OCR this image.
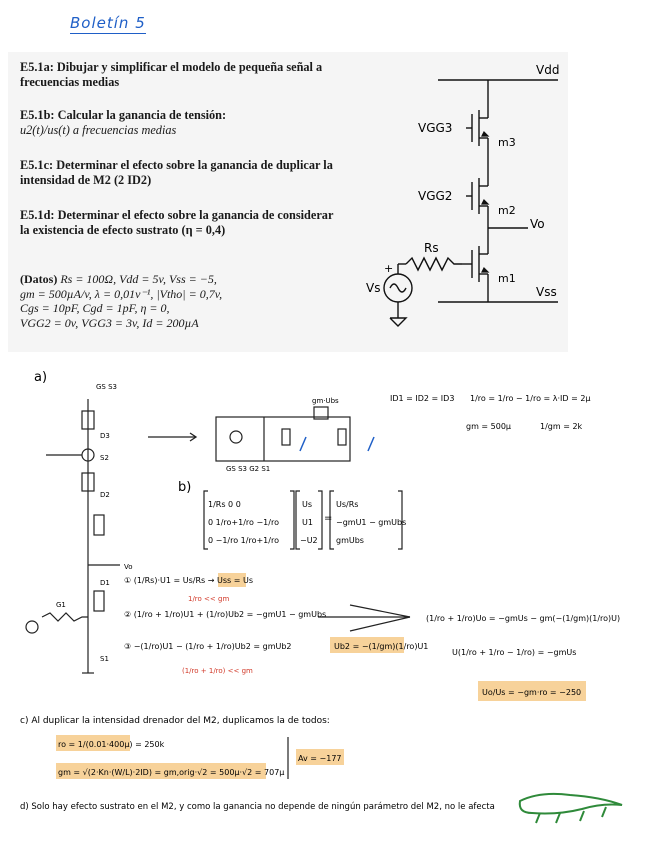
Boletín 5
E5.1a: Dibujar y simplificar el modelo de pequeña señal a frecuencias medias
E5.1b: Calcular la ganancia de tensión:
u2(t)/us(t) a frecuencias medias
E5.1c: Determinar el efecto sobre la ganancia de duplicar la intensidad de M2 (2 ID2)
E5.1d: Determinar el efecto sobre la ganancia de considerar la existencia de efecto sustrato (η = 0,4)
(Datos) Rs = 100Ω, Vdd = 5v, Vss = −5,
gm = 500µA/v, λ = 0,01v⁻¹, |Vtho| = 0,7v,
Cgs = 10pF, Cgd = 1pF, η = 0,
VGG2 = 0v, VGG3 = 3v, Id = 200µA
Vdd
Vss
VGG3
VGG2
m3
m2
m1
Vo
Rs
Vs
+
a)
GS S3
D3
S2
D2
Vo
D1
G1
S1
GS S3 G2 S1
gm·Ubs	ID1 = ID2 = ID3 1/ro = 1/ro − 1/ro = λ·ID = 2µ
gm = 500µ	1/gm = 2k
b)
1/Rs 0 0
0 1/ro+1/ro −1/ro
0 −1/ro 1/ro+1/ro
Us
U1
−U2
=
Us/Rs
−gmU1 − gmUbs
gmUbs
① (1/Rs)·U1 = Us/Rs → Uss = Us
1/ro << gm
② (1/ro + 1/ro)U1 + (1/ro)Ub2 = −gmU1 − gmUbs
③ −(1/ro)U1 − (1/ro + 1/ro)Ub2 = gmUb2	Ub2 = −(1/gm)(1/ro)U1
(1/ro + 1/ro) << gm
(1/ro + 1/ro)Uo = −gmUs − gm(−(1/gm)(1/ro)U)
U(1/ro + 1/ro − 1/ro) = −gmUs
Uo/Us = −gm·ro = −250
c) Al duplicar la intensidad drenador del M2, duplicamos la de todos:
ro = 1/(0.01·400µ) = 250k
gm = √(2·Kn·(W/L)·2ID) = gm,orig·√2 = 500µ·√2 = 707µ
Av = −177
d) Solo hay efecto sustrato en el M2, y como la ganancia no depende de ningún parámetro del M2, no le afecta
